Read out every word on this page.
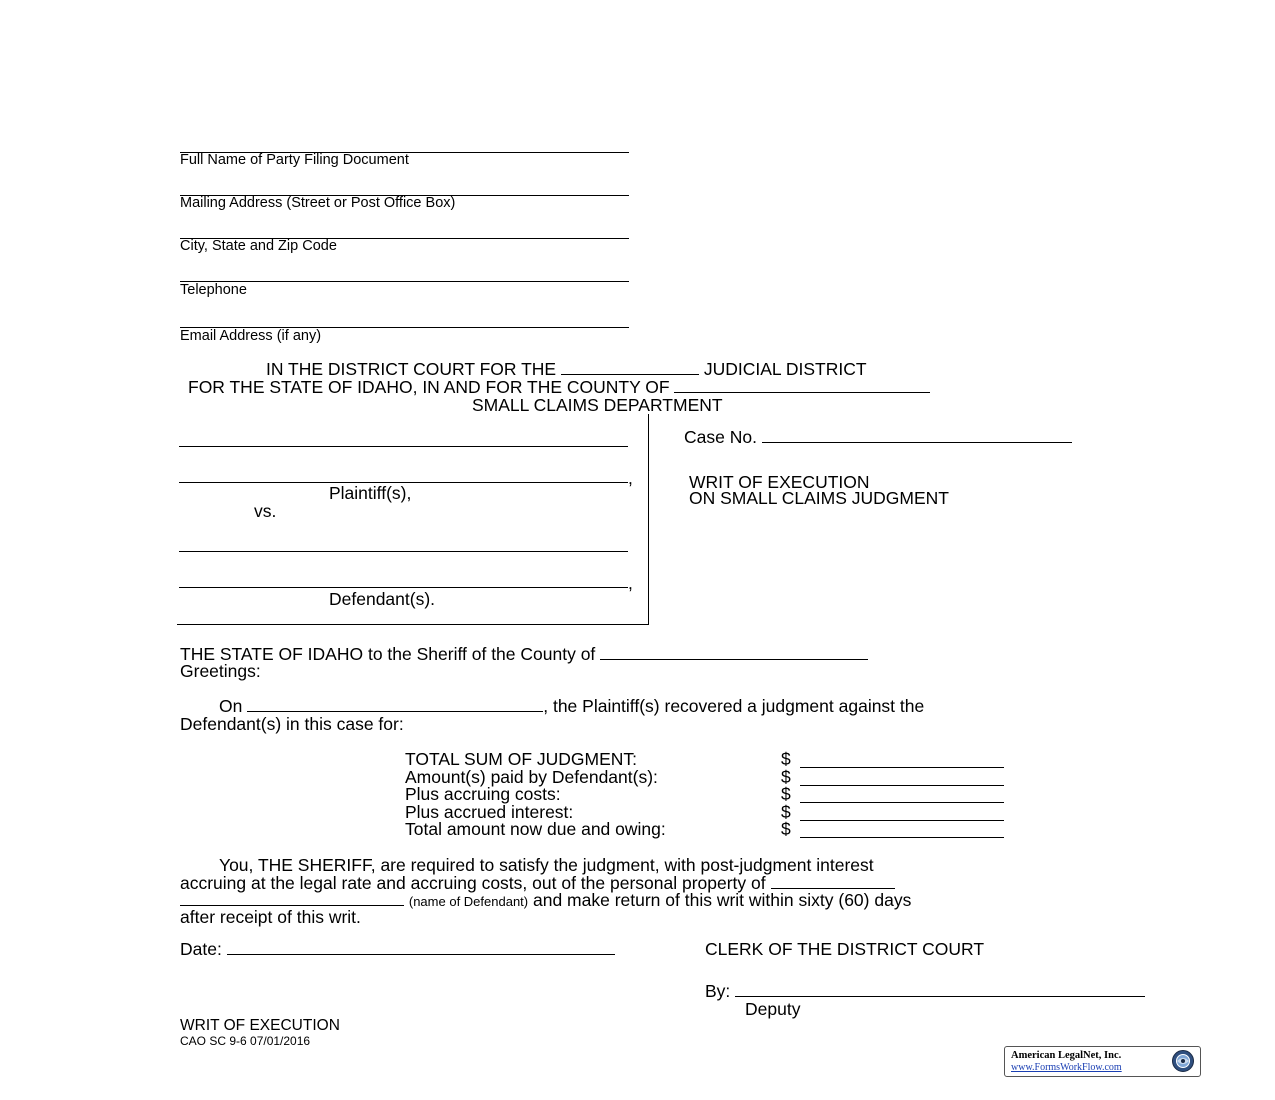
Full Name of Party Filing Document
Mailing Address (Street or Post Office Box)
City, State and Zip Code
Telephone
Email Address (if any)
IN THE DISTRICT COURT FOR THE	JUDICIAL DISTRICT
FOR THE STATE OF IDAHO, IN AND FOR THE COUNTY OF
SMALL CLAIMS DEPARTMENT
,
Plaintiff(s),
vs.
,
Defendant(s).
Case No.
WRIT OF EXECUTION
ON SMALL CLAIMS JUDGMENT
THE STATE OF IDAHO to the Sheriff of the County of
Greetings:
On	, the Plaintiff(s) recovered a judgment against the
Defendant(s) in this case for:
TOTAL SUM OF JUDGMENT:	$
Amount(s) paid by Defendant(s):	$
Plus accruing costs:	$
Plus accrued interest:	$
Total amount now due and owing:	$
You, THE SHERIFF, are required to satisfy the judgment, with post-judgment interest
accruing at the legal rate and accruing costs, out of the personal property of
(name of Defendant) and make return of this writ within sixty (60) days
after receipt of this writ.
Date:	CLERK OF THE DISTRICT COURT
By:
Deputy
WRIT OF EXECUTION
CAO SC 9-6 07/01/2016
American LegalNet, Inc.
www.FormsWorkFlow.com
